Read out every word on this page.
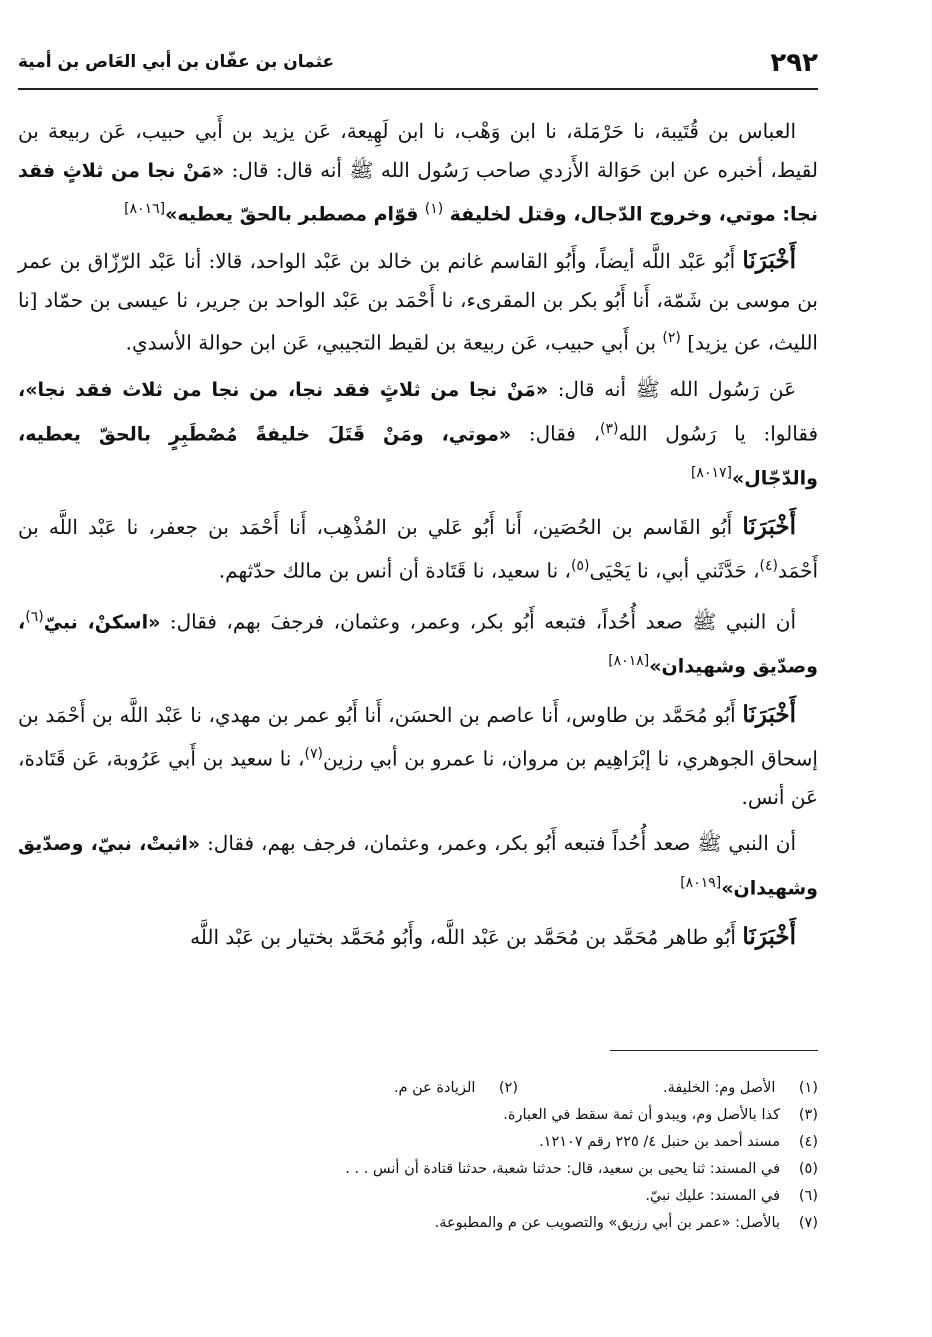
٢٩٢
عثمان بن عفّان بن أبي العَاص بن أمية

العباس بن قُتَيبة، نا حَرْمَلة، نا ابن وَهْب، نا ابن لَهِيعة، عَن يزيد بن أَبي حبيب، عَن ربيعة بن لقيط، أخبره عن ابن حَوَالة الأَزدي صاحب رَسُول الله ﷺ أنه قال: قال: «مَنْ نجا من ثلاثٍ فقد نجا: موتي، وخروج الدّجال، وقتل لخليفة $^{(١)}$ قوّام مصطبر بالحقّ يعطيه»[٨٠١٦]

أَخْبَرَنَا أَبُو عَبْد اللَّه أيضاً، وأَبُو القاسم غانم بن خالد بن عَبْد الواحد، قالا: أنا عَبْد الرّزّاق بن عمر بن موسى بن شَمّة، أَنا أَبُو بكر بن المقرىء، نا أَحْمَد بن عَبْد الواحد بن جرير، نا عيسى بن حمّاد [نا الليث، عن يزيد] $^{(٢)}$ بن أَبي حبيب، عَن ربيعة بن لقيط التجيبي، عَن ابن حوالة الأسدي.

عَن رَسُول الله ﷺ أنه قال: «مَنْ نجا من ثلاثٍ فقد نجا، من نجا من ثلاث فقد نجا»، فقالوا: يا رَسُول الله$^{(٣)}$، فقال: «موتي، ومَنْ قَتَلَ خليفةً مُصْطَبِرٍ بالحقّ يعطيه، والدّجّال»[٨٠١٧]

أَخْبَرَنَا أَبُو القَاسم بن الحُصَين، أَنا أَبُو عَلي بن المُذْهِب، أَنا أَحْمَد بن جعفر، نا عَبْد اللَّه بن أَحْمَد$^{(٤)}$، حَدَّثَني أبي، نا يَحْيَى$^{(٥)}$، نا سعيد، نا قَتَادة أن أنس بن مالك حدّثهم.

أن النبي ﷺ صعد أُحُداً، فتبعه أَبُو بكر، وعمر، وعثمان، فرجفَ بهم، فقال: «اسكنْ، نبيّ$^{(٦)}$، وصدّيق وشهيدان»[٨٠١٨]

أَخْبَرَنَا أَبُو مُحَمَّد بن طاوس، أَنا عاصم بن الحسَن، أَنا أَبُو عمر بن مهدي، نا عَبْد اللَّه بن أَحْمَد بن إسحاق الجوهري، نا إبْرَاهِيم بن مروان، نا عمرو بن أبي رزين$^{(٧)}$، نا سعيد بن أَبي عَرُوبة، عَن قَتَادة، عَن أنس.

أن النبي ﷺ صعد أُحُداً فتبعه أَبُو بكر، وعمر، وعثمان، فرجف بهم، فقال: «اثبتْ، نبيّ، وصدّيق وشهيدان»[٨٠١٩]

أَخْبَرَنَا أَبُو طاهر مُحَمَّد بن مُحَمَّد بن عَبْد اللَّه، وأَبُو مُحَمَّد بختيار بن عَبْد اللَّه

(١) الأصل وم: الخليفة.
(٢) الزيادة عن م.
(٣)
كذا بالأصل وم، ويبدو أن ثمة سقط في العبارة.
(٤)
مسند أحمد بن حنبل ٤/ ٢٢٥ رقم ١٢١٠٧.
(٥)
في المسند: ثنا يحيى بن سعيد، قال: حدثنا شعبة، حدثنا قتادة أن أنس . . .
(٦)
في المسند: عليك نبيّ.
(٧)
بالأصل: «عمر بن أبي رزيق» والتصويب عن م والمطبوعة.
